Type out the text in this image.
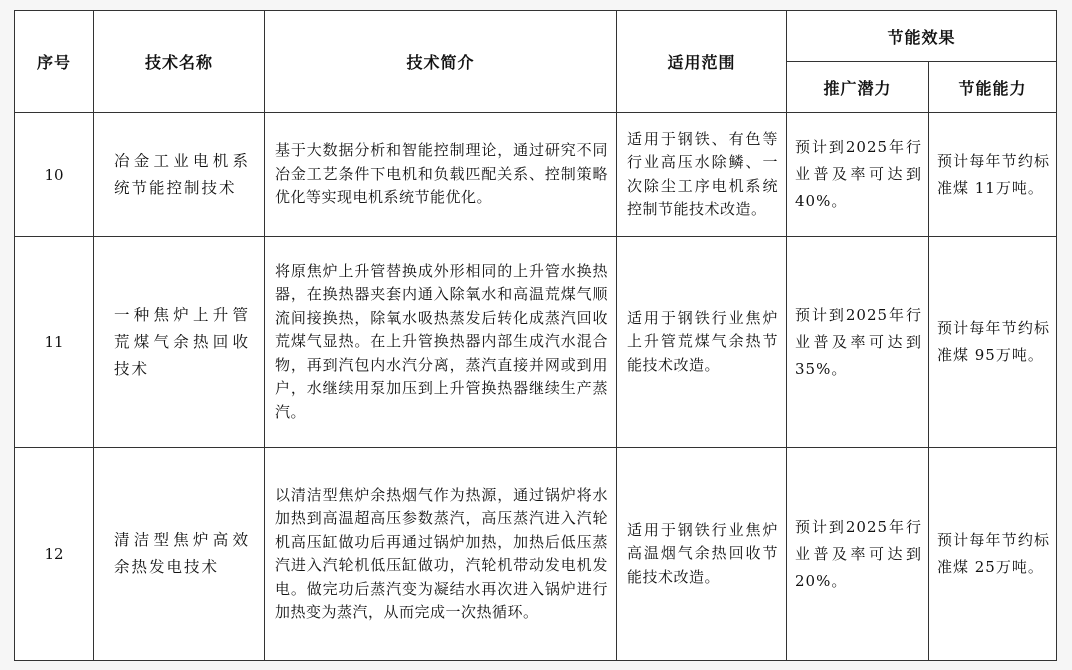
序号	技术名称	技术简介	适用范围	节能效果	
				推广潜力	节能能力
10	冶金工业电机系统节能控制技术	基于大数据分析和智能控制理论，通过研究不同冶金工艺条件下电机和负载匹配关系、控制策略优化等实现电机系统节能优化。	适用于钢铁、有色等行业高压水除鳞、一次除尘工序电机系统控制节能技术改造。	预计到2025年行业普及率可达到40%。	预计每年节约标准煤 11万吨。
11	一种焦炉上升管荒煤气余热回收技术	将原焦炉上升管替换成外形相同的上升管水换热器，在换热器夹套内通入除氧水和高温荒煤气顺流间接换热，除氧水吸热蒸发后转化成蒸汽回收荒煤气显热。在上升管换热器内部生成汽水混合物，再到汽包内水汽分离，蒸汽直接并网或到用户，水继续用泵加压到上升管换热器继续生产蒸汽。	适用于钢铁行业焦炉上升管荒煤气余热节能技术改造。	预计到2025年行业普及率可达到35%。	预计每年节约标准煤 95万吨。
12	清洁型焦炉高效余热发电技术	以清洁型焦炉余热烟气作为热源，通过锅炉将水加热到高温超高压参数蒸汽，高压蒸汽进入汽轮机高压缸做功后再通过锅炉加热，加热后低压蒸汽进入汽轮机低压缸做功，汽轮机带动发电机发电。做完功后蒸汽变为凝结水再次进入锅炉进行加热变为蒸汽，从而完成一次热循环。	适用于钢铁行业焦炉高温烟气余热回收节能技术改造。	预计到2025年行业普及率可达到20%。	预计每年节约标准煤 25万吨。
